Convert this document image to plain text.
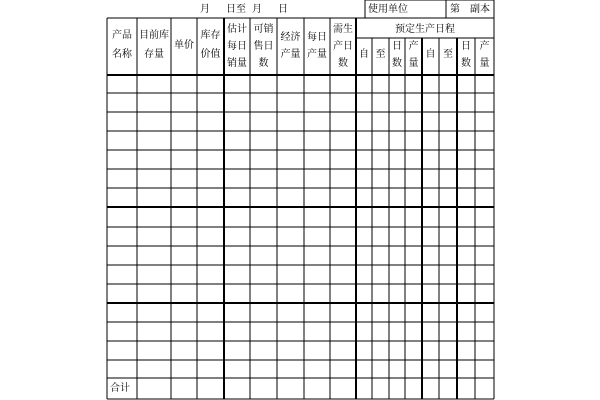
月 日至 月 日	使用单位	第 副本
产品
名称
目前库
存量
单价
库存
价值
估计
每日
销量
可销
售日
数
经济
产量
每日
产量
需生
产日
数
预定生产日程
自 至
日
数
产
量
自 至
日
数
产
量
合计
